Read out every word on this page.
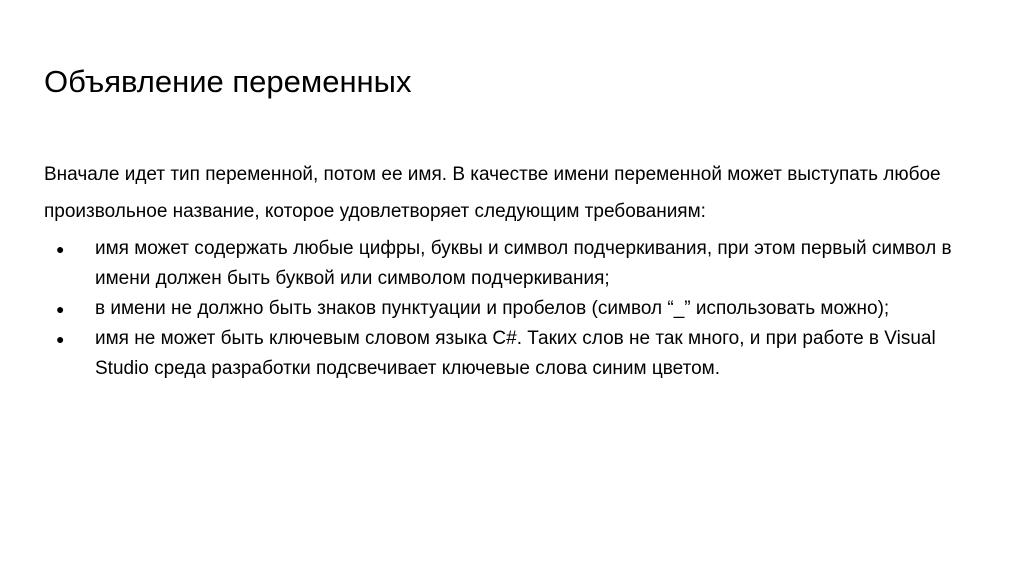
Объявление переменных

Вначале идет тип переменной, потом ее имя. В качестве имени переменной может выступать любое произвольное название, которое удовлетворяет следующим требованиям:

● имя может содержать любые цифры, буквы и символ подчеркивания, при этом первый символ в имени должен быть буквой или символом подчеркивания;
● в имени не должно быть знаков пунктуации и пробелов (символ “_” использовать можно);
● имя не может быть ключевым словом языка C#. Таких слов не так много, и при работе в Visual Studio среда разработки подсвечивает ключевые слова синим цветом.
